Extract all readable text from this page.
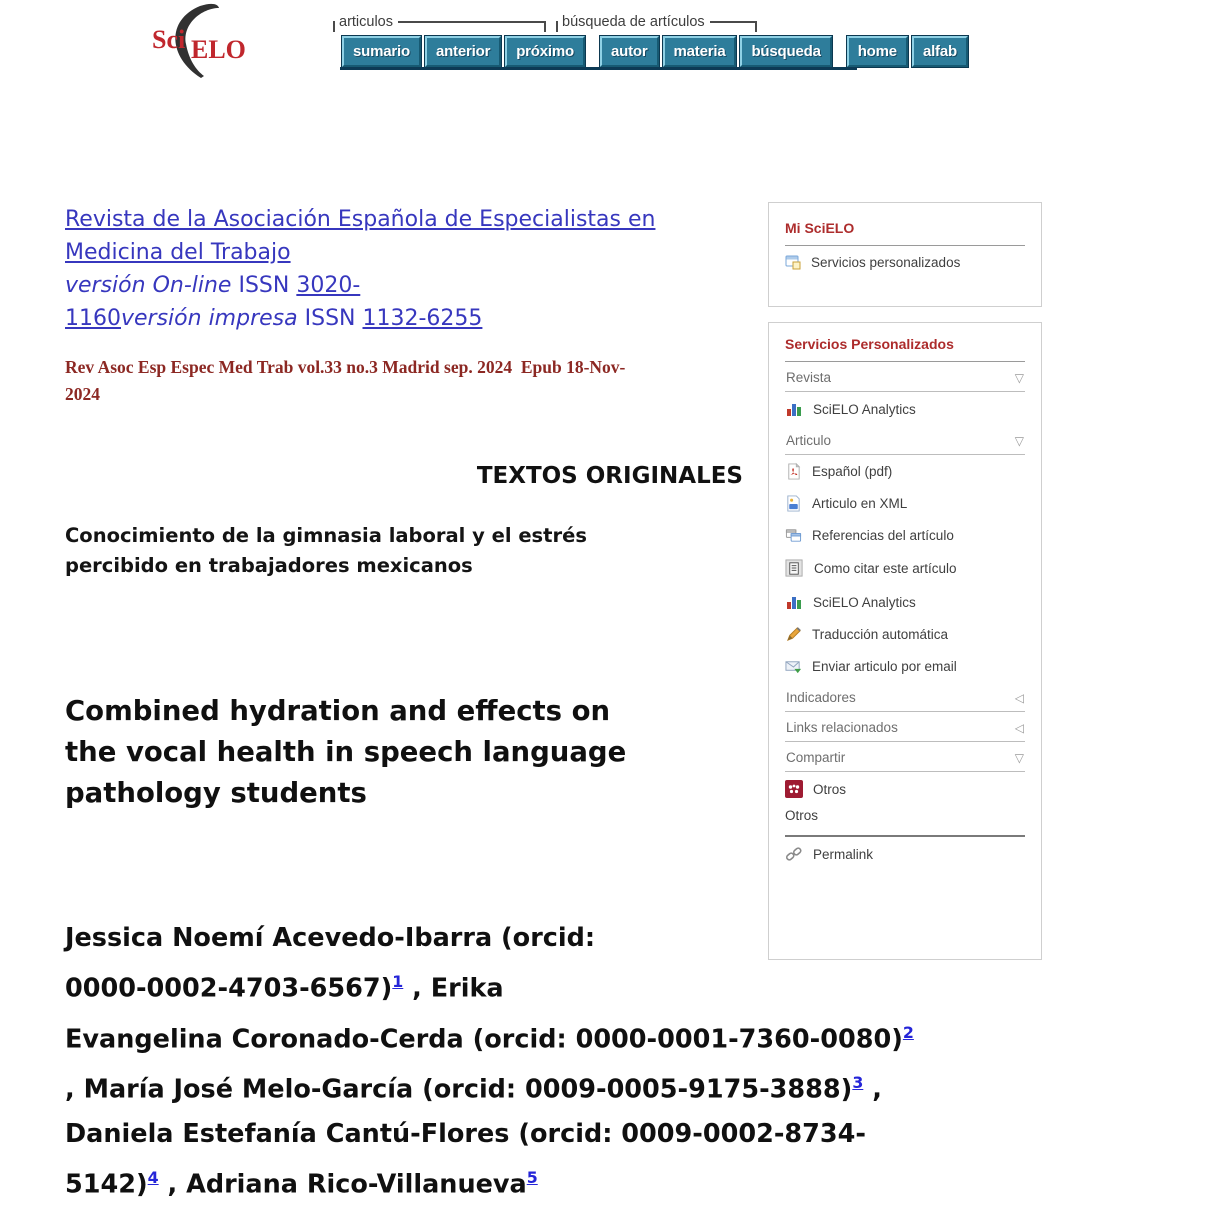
Sci ELO
articulos	búsqueda de artículos
sumario	anterior	próximo	autor	materia	búsqueda	home	alfab
Revista de la Asociación Española de Especialistas en
Medicina del Trabajo
versión On-line ISSN 3020-
1160versión impresa ISSN 1132-6255
Rev Asoc Esp Espec Med Trab vol.33 no.3 Madrid sep. 2024  Epub 18-Nov-
2024
TEXTOS ORIGINALES
Conocimiento de la gimnasia laboral y el estrés
percibido en trabajadores mexicanos
Combined hydration and effects on
the vocal health in speech language
pathology students
Jessica Noemí Acevedo-Ibarra (orcid:
0000-0002-4703-6567)$^1$ , Erika
Evangelina Coronado-Cerda (orcid: 0000-0001-7360-0080)$^2$
, María José Melo-García (orcid: 0009-0005-9175-3888)$^3$ ,
Daniela Estefanía Cantú-Flores (orcid: 0009-0002-8734-
5142)$^4$ , Adriana Rico-Villanueva$^5$
Mi SciELO
Servicios personalizados
Servicios Personalizados
Revista	▽
SciELO Analytics
Articulo	▽
Español (pdf)
Articulo en XML
Referencias del artículo
Como citar este artículo
SciELO Analytics
Traducción automática
Enviar articulo por email
Indicadores	◁
Links relacionados	◁
Compartir	▽
Otros
Otros
Permalink
